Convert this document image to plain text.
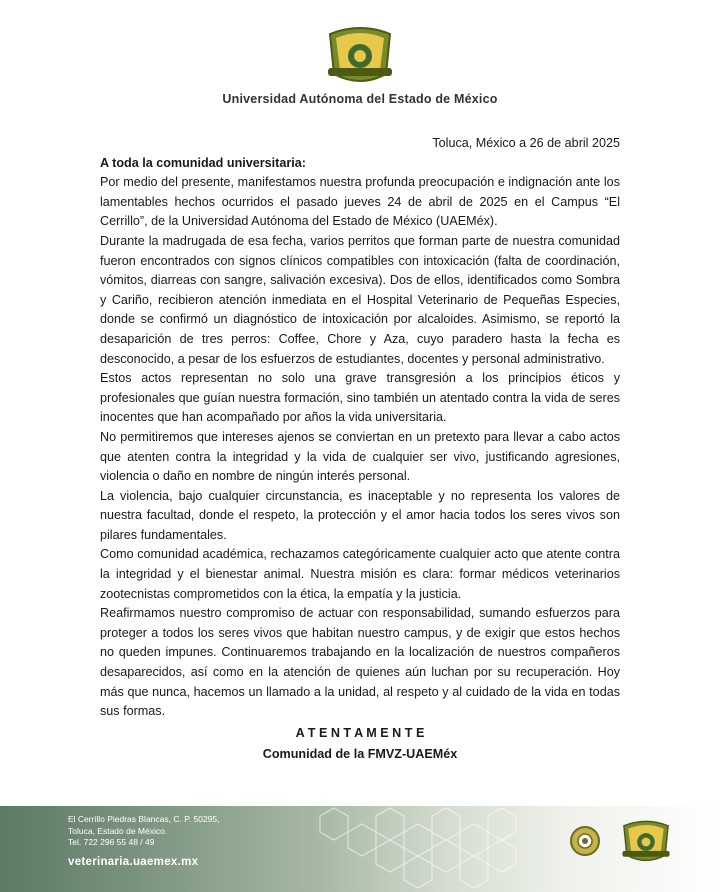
Universidad Autónoma del Estado de México
Toluca, México a 26 de abril 2025
A toda la comunidad universitaria:

Por medio del presente, manifestamos nuestra profunda preocupación e indignación ante los lamentables hechos ocurridos el pasado jueves 24 de abril de 2025 en el Campus “El Cerrillo”, de la Universidad Autónoma del Estado de México (UAEMéx).

Durante la madrugada de esa fecha, varios perritos que forman parte de nuestra comunidad fueron encontrados con signos clínicos compatibles con intoxicación (falta de coordinación, vómitos, diarreas con sangre, salivación excesiva). Dos de ellos, identificados como Sombra y Cariño, recibieron atención inmediata en el Hospital Veterinario de Pequeñas Especies, donde se confirmó un diagnóstico de intoxicación por alcaloides. Asimismo, se reportó la desaparición de tres perros: Coffee, Chore y Aza, cuyo paradero hasta la fecha es desconocido, a pesar de los esfuerzos de estudiantes, docentes y personal administrativo.

Estos actos representan no solo una grave transgresión a los principios éticos y profesionales que guían nuestra formación, sino también un atentado contra la vida de seres inocentes que han acompañado por años la vida universitaria.

No permitiremos que intereses ajenos se conviertan en un pretexto para llevar a cabo actos que atenten contra la integridad y la vida de cualquier ser vivo, justificando agresiones, violencia o daño en nombre de ningún interés personal.

La violencia, bajo cualquier circunstancia, es inaceptable y no representa los valores de nuestra facultad, donde el respeto, la protección y el amor hacia todos los seres vivos son pilares fundamentales.

Como comunidad académica, rechazamos categóricamente cualquier acto que atente contra la integridad y el bienestar animal. Nuestra misión es clara: formar médicos veterinarios zootecnistas comprometidos con la ética, la empatía y la justicia.

Reafirmamos nuestro compromiso de actuar con responsabilidad, sumando esfuerzos para proteger a todos los seres vivos que habitan nuestro campus, y de exigir que estos hechos no queden impunes. Continuaremos trabajando en la localización de nuestros compañeros desaparecidos, así como en la atención de quienes aún luchan por su recuperación. Hoy más que nunca, hacemos un llamado a la unidad, al respeto y al cuidado de la vida en todas sus formas.

A T E N T A M E N T E
Comunidad de la FMVZ-UAEMéx
El Cerrillo Piedras Blancas, C. P. 50295,
Toluca, Estado de México.
Tel. 722 296 55 48 / 49
veterinaria.uaemex.mx
